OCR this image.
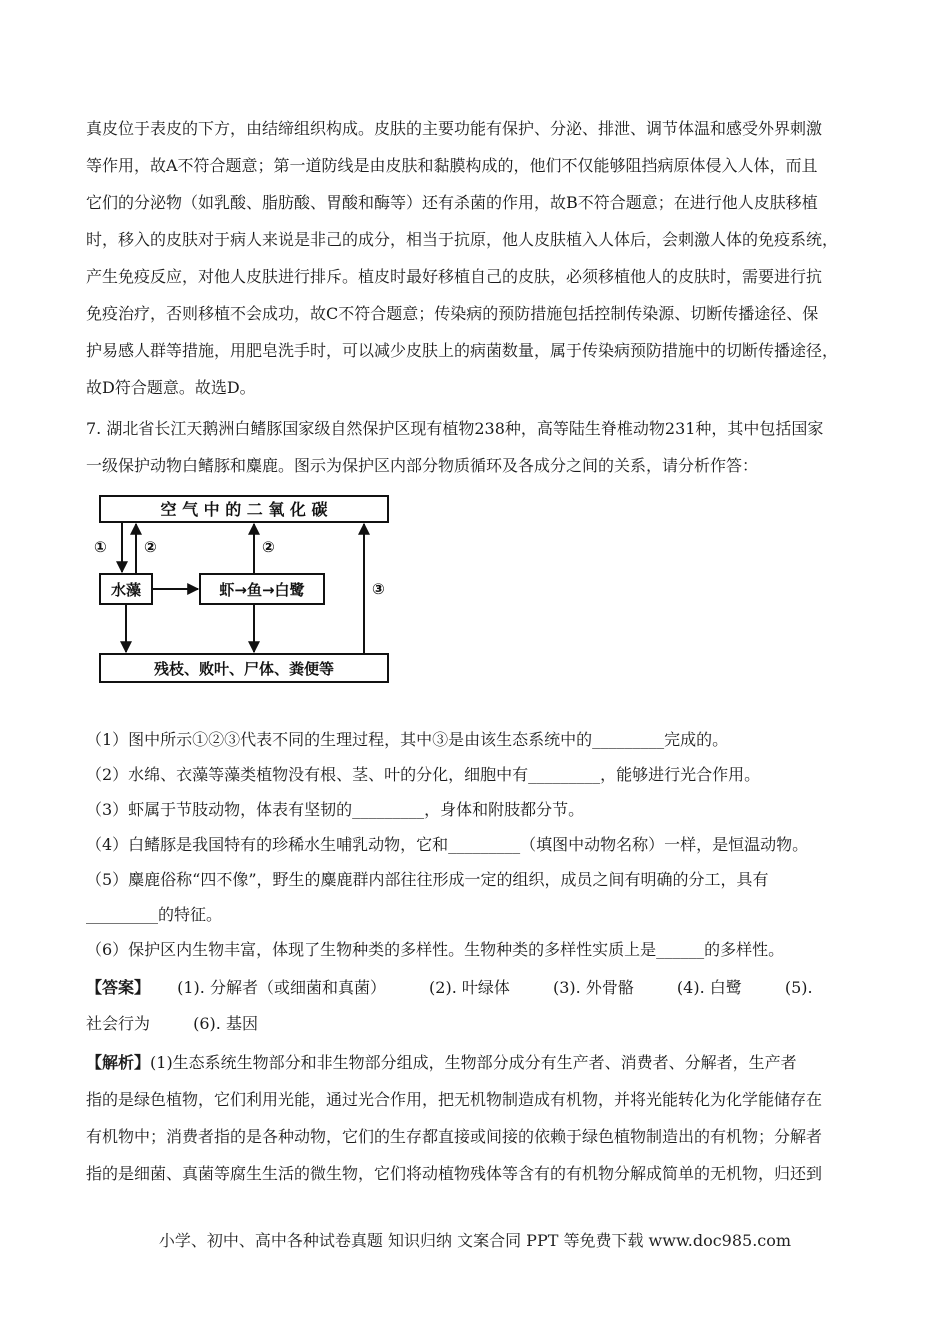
真皮位于表皮的下方，由结缔组织构成。皮肤的主要功能有保护、分泌、排泄、调节体温和感受外界刺激
等作用，故A不符合题意；第一道防线是由皮肤和黏膜构成的，他们不仅能够阻挡病原体侵入人体，而且
它们的分泌物（如乳酸、脂肪酸、胃酸和酶等）还有杀菌的作用，故B不符合题意；在进行他人皮肤移植
时，移入的皮肤对于病人来说是非己的成分，相当于抗原，他人皮肤植入人体后，会刺激人体的免疫系统，
产生免疫反应，对他人皮肤进行排斥。植皮时最好移植自己的皮肤，必须移植他人的皮肤时，需要进行抗
免疫治疗，否则移植不会成功，故C不符合题意；传染病的预防措施包括控制传染源、切断传播途径、保
护易感人群等措施，用肥皂洗手时，可以减少皮肤上的病菌数量，属于传染病预防措施中的切断传播途径，
故D符合题意。故选D。
7. 湖北省长江天鹅洲白鳍豚国家级自然保护区现有植物238种，高等陆生脊椎动物231种，其中包括国家
一级保护动物白鳍豚和麋鹿。图示为保护区内部分物质循环及各成分之间的关系，请分析作答：
空 气 中 的 二 氧 化 碳
水藻	虾→鱼→白鹭
残枝、败叶、尸体、粪便等
① ②	②
③
（1）图中所示①②③代表不同的生理过程，其中③是由该生态系统中的_________完成的。
（2）水绵、衣藻等藻类植物没有根、茎、叶的分化，细胞中有_________，能够进行光合作用。
（3）虾属于节肢动物，体表有坚韧的_________，身体和附肢都分节。
（4）白鳍豚是我国特有的珍稀水生哺乳动物，它和_________（填图中动物名称）一样，是恒温动物。
（5）麋鹿俗称“四不像”，野生的麋鹿群内部往往形成一定的组织，成员之间有明确的分工，具有
_________的特征。
（6）保护区内生物丰富，体现了生物种类的多样性。生物种类的多样性实质上是______的多样性。
【答案】 (1). 分解者（或细菌和真菌）	(2). 叶绿体	(3). 外骨骼	(4). 白鹭	(5).
社会行为	(6). 基因
【解析】(1)生态系统生物部分和非生物部分组成，生物部分成分有生产者、消费者、分解者，生产者
指的是绿色植物，它们利用光能，通过光合作用，把无机物制造成有机物，并将光能转化为化学能储存在
有机物中；消费者指的是各种动物，它们的生存都直接或间接的依赖于绿色植物制造出的有机物；分解者
指的是细菌、真菌等腐生生活的微生物，它们将动植物残体等含有的有机物分解成简单的无机物，归还到
小学、初中、高中各种试卷真题 知识归纳 文案合同 PPT 等免费下载 www.doc985.com
